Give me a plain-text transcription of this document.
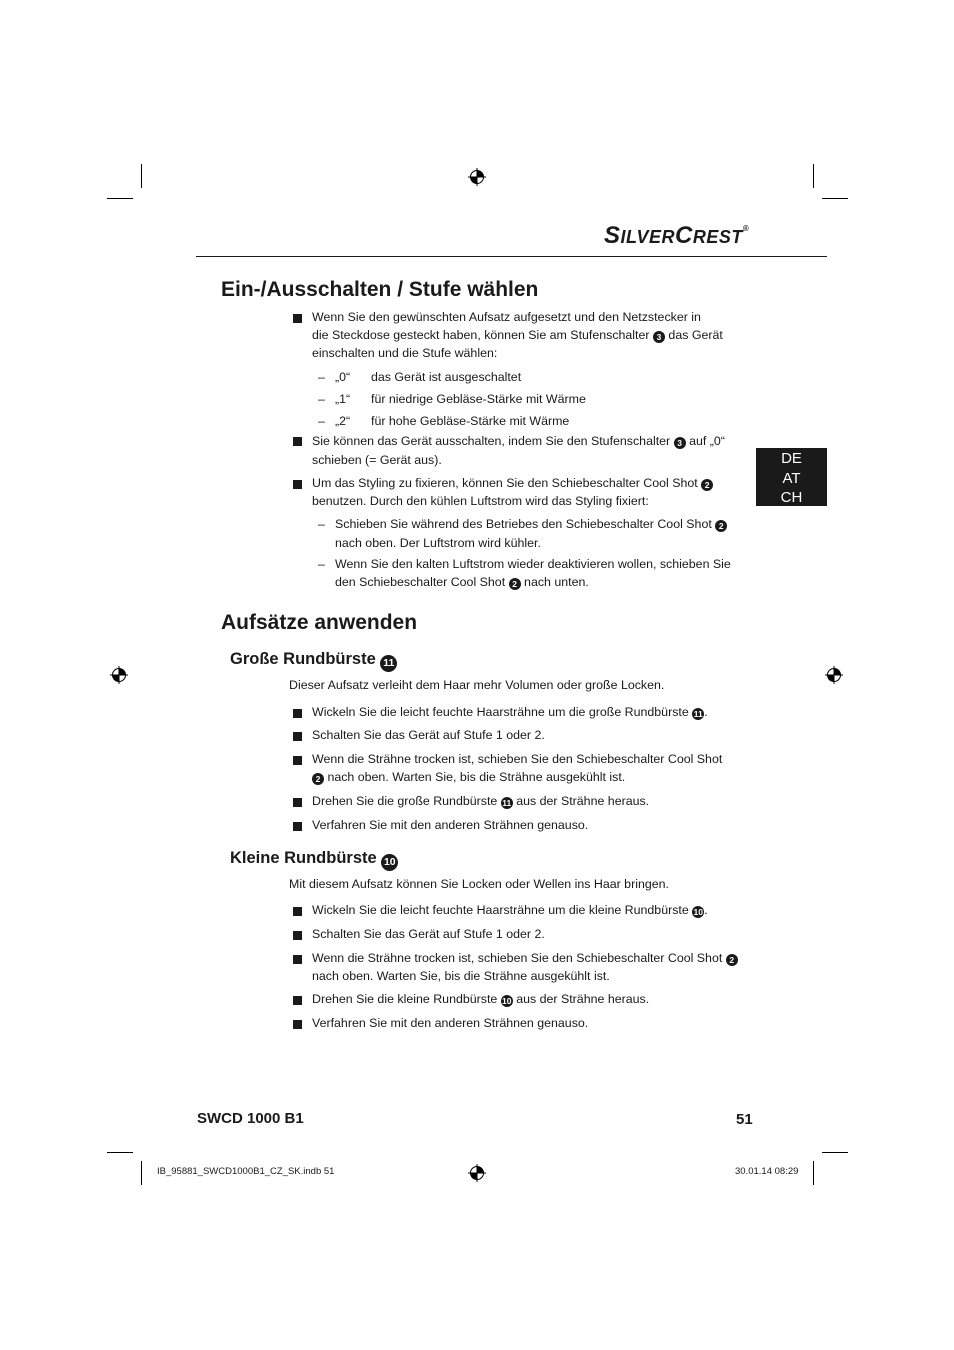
SILVERCREST®
Ein-/Ausschalten / Stufe wählen
Wenn Sie den gewünschten Aufsatz aufgesetzt und den Netzstecker in
die Steckdose gesteckt haben, können Sie am Stufenschalter 3 das Gerät
einschalten und die Stufe wählen:
– „0“ das Gerät ist ausgeschaltet
– „1“ für niedrige Gebläse-Stärke mit Wärme
– „2“ für hohe Gebläse-Stärke mit Wärme
Sie können das Gerät ausschalten, indem Sie den Stufenschalter 3 auf „0“
schieben (= Gerät aus).
Um das Styling zu fixieren, können Sie den Schiebeschalter Cool Shot 2
benutzen. Durch den kühlen Luftstrom wird das Styling fixiert:
– Schieben Sie während des Betriebes den Schiebeschalter Cool Shot 2
nach oben. Der Luftstrom wird kühler.
– Wenn Sie den kalten Luftstrom wieder deaktivieren wollen, schieben Sie
den Schiebeschalter Cool Shot 2 nach unten.
DE
AT
CH
Aufsätze anwenden
Große Rundbürste 11
Dieser Aufsatz verleiht dem Haar mehr Volumen oder große Locken.
Wickeln Sie die leicht feuchte Haarsträhne um die große Rundbürste 11 .
Schalten Sie das Gerät auf Stufe 1 oder 2.
Wenn die Strähne trocken ist, schieben Sie den Schiebeschalter Cool Shot
2 nach oben. Warten Sie, bis die Strähne ausgekühlt ist.
Drehen Sie die große Rundbürste 11 aus der Strähne heraus.
Verfahren Sie mit den anderen Strähnen genauso.
Kleine Rundbürste 10
Mit diesem Aufsatz können Sie Locken oder Wellen ins Haar bringen.
Wickeln Sie die leicht feuchte Haarsträhne um die kleine Rundbürste 10.
Schalten Sie das Gerät auf Stufe 1 oder 2.
Wenn die Strähne trocken ist, schieben Sie den Schiebeschalter Cool Shot 2
nach oben. Warten Sie, bis die Strähne ausgekühlt ist.
Drehen Sie die kleine Rundbürste 10 aus der Strähne heraus.
Verfahren Sie mit den anderen Strähnen genauso.
SWCD 1000 B1	51
IB_95881_SWCD1000B1_CZ_SK.indb 51	30.01.14 08:29
